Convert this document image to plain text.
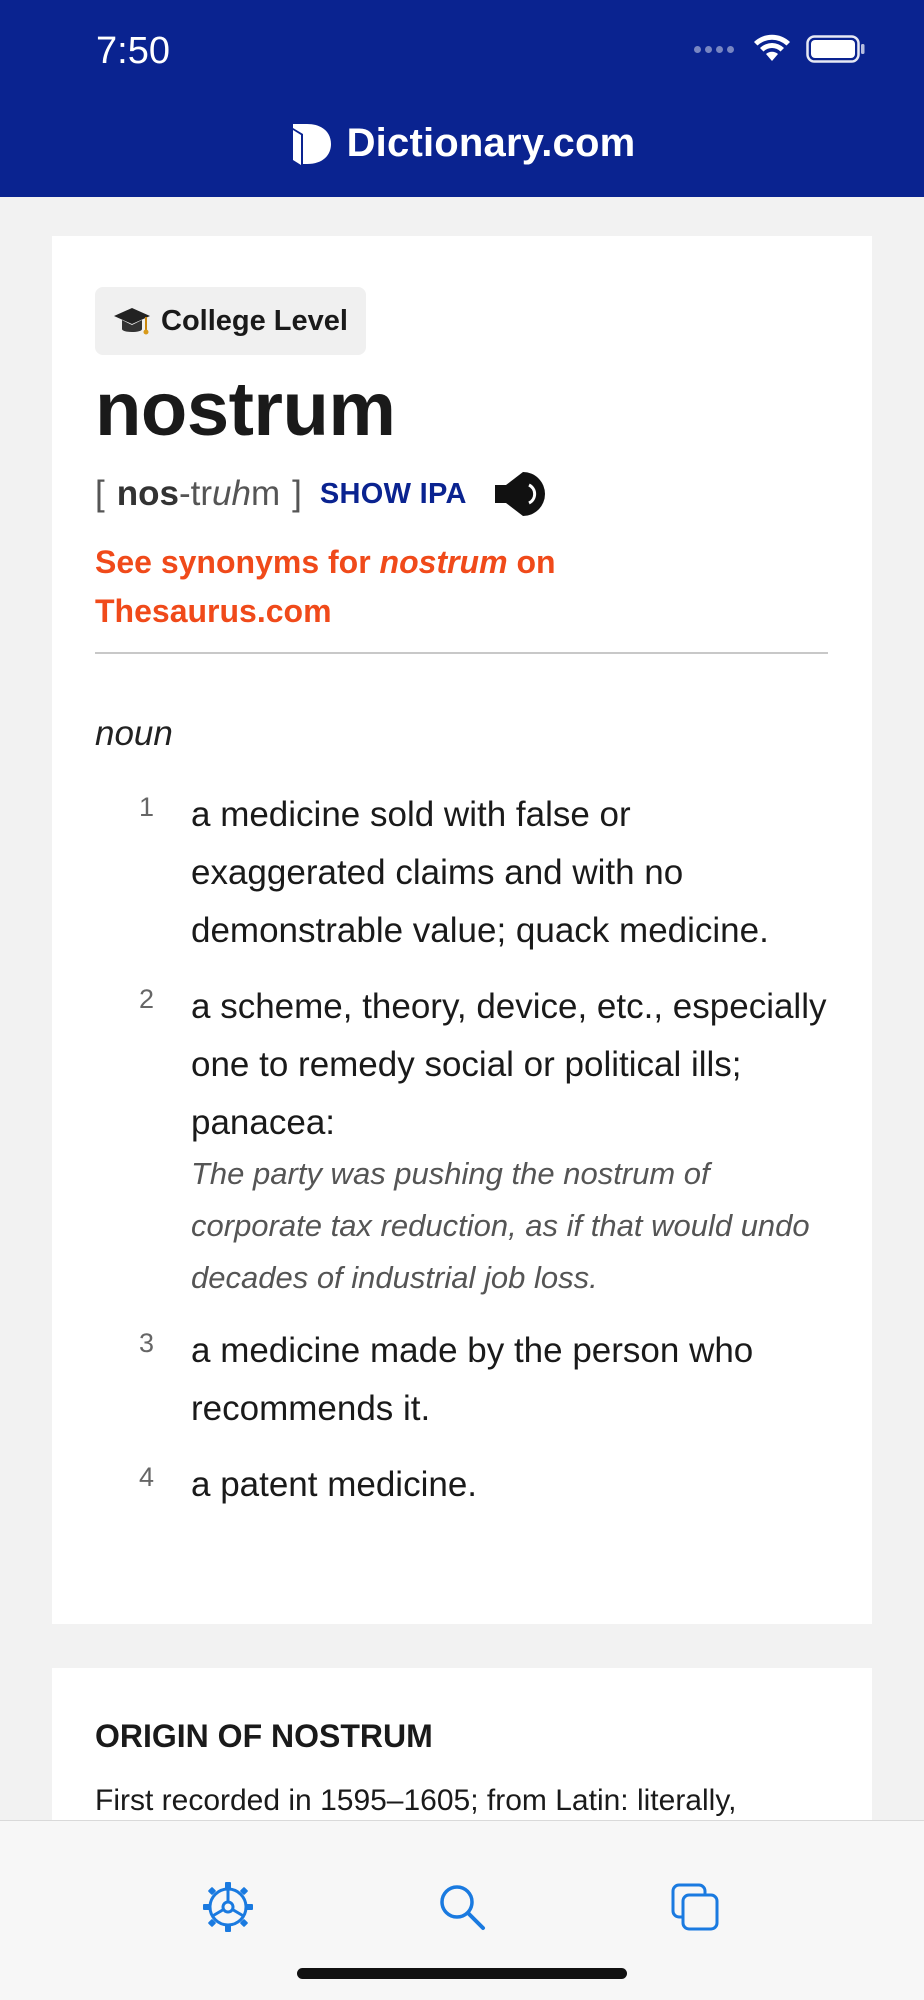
7:50
Dictionary.com
College Level
nostrum
[ nos - tr uh m ] SHOW IPA
See synonyms for nostrum on
Thesaurus.com
noun
1	a medicine sold with false or exaggerated claims and with no demonstrable value; quack medicine.
2	a scheme, theory, device, etc., especially one to remedy social or political ills; panacea:
The party was pushing the nostrum of corporate tax reduction, as if that would undo decades of industrial job loss.
3	a medicine made by the person who recommends it.
4	a patent medicine.
ORIGIN OF NOSTRUM
First recorded in 1595–1605; from Latin: literally,
